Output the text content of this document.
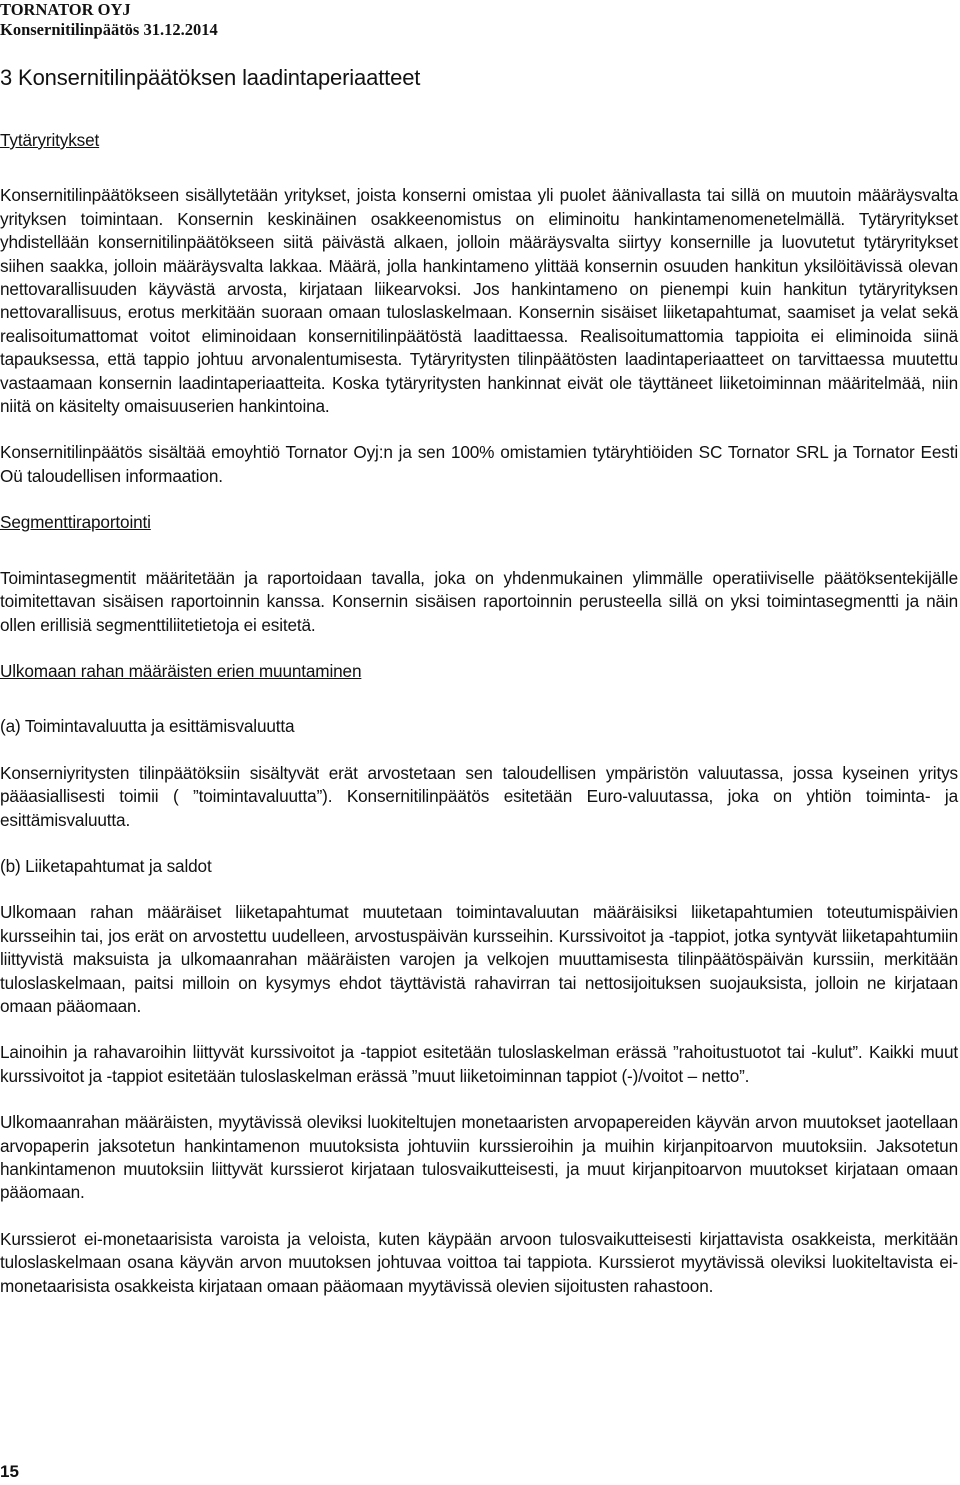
TORNATOR OYJ
Konsernitilinpäätös 31.12.2014
3 Konsernitilinpäätöksen laadintaperiaatteet
Tytäryritykset

Konsernitilinpäätökseen sisällytetään yritykset, joista konserni omistaa yli puolet äänivallasta tai sillä on muutoin määräysvalta yrityksen toimintaan. Konsernin keskinäinen osakkeenomistus on eliminoitu hankintamenomenetelmällä. Tytäryritykset yhdistellään konsernitilinpäätökseen siitä päivästä alkaen, jolloin määräysvalta siirtyy konsernille ja luovutetut tytäryritykset siihen saakka, jolloin määräysvalta lakkaa. Määrä, jolla hankintameno ylittää konsernin osuuden hankitun yksilöitävissä olevan nettovarallisuuden käyvästä arvosta, kirjataan liikearvoksi. Jos hankintameno on pienempi kuin hankitun tytäryrityksen nettovarallisuus, erotus merkitään suoraan omaan tuloslaskelmaan. Konsernin sisäiset liiketapahtumat, saamiset ja velat sekä realisoitumattomat voitot eliminoidaan konsernitilinpäätöstä laadittaessa. Realisoitumattomia tappioita ei eliminoida siinä tapauksessa, että tappio johtuu arvonalentumisesta. Tytäryritysten tilinpäätösten laadintaperiaatteet on tarvittaessa muutettu vastaamaan konsernin laadintaperiaatteita. Koska tytäryritysten hankinnat eivät ole täyttäneet liiketoiminnan määritelmää, niin niitä on käsitelty omaisuuserien hankintoina.

Konsernitilinpäätös sisältää emoyhtiö Tornator Oyj:n ja sen 100% omistamien tytäryhtiöiden SC Tornator SRL ja Tornator Eesti Oü taloudellisen informaation.

Segmenttiraportointi

Toimintasegmentit määritetään ja raportoidaan tavalla, joka on yhdenmukainen ylimmälle operatiiviselle päätöksentekijälle toimitettavan sisäisen raportoinnin kanssa. Konsernin sisäisen raportoinnin perusteella sillä on yksi toimintasegmentti ja näin ollen erillisiä segmenttiliitetietoja ei esitetä.

Ulkomaan rahan määräisten erien muuntaminen
(a) Toimintavaluutta ja esittämisvaluutta

Konserniyritysten tilinpäätöksiin sisältyvät erät arvostetaan sen taloudellisen ympäristön valuutassa, jossa kyseinen yritys pääasiallisesti toimii ( ”toimintavaluutta”). Konsernitilinpäätös esitetään Euro-valuutassa, joka on yhtiön toiminta- ja esittämisvaluutta.

(b) Liiketapahtumat ja saldot

Ulkomaan rahan määräiset liiketapahtumat muutetaan toimintavaluutan määräisiksi liiketapahtumien toteutumispäivien kursseihin tai, jos erät on arvostettu uudelleen, arvostuspäivän kursseihin. Kurssivoitot ja -tappiot, jotka syntyvät liiketapahtumiin liittyvistä maksuista ja ulkomaanrahan määräisten varojen ja velkojen muuttamisesta tilinpäätöspäivän kurssiin, merkitään tuloslaskelmaan, paitsi milloin on kysymys ehdot täyttävistä rahavirran tai nettosijoituksen suojauksista, jolloin ne kirjataan omaan pääomaan.

Lainoihin ja rahavaroihin liittyvät kurssivoitot ja -tappiot esitetään tuloslaskelman erässä ”rahoitustuotot tai -kulut”. Kaikki muut kurssivoitot ja -tappiot esitetään tuloslaskelman erässä ”muut liiketoiminnan tappiot (-)/voitot – netto”.

Ulkomaanrahan määräisten, myytävissä oleviksi luokiteltujen monetaaristen arvopapereiden käyvän arvon muutokset jaotellaan arvopaperin jaksotetun hankintamenon muutoksista johtuviin kurssieroihin ja muihin kirjanpitoarvon muutoksiin. Jaksotetun hankintamenon muutoksiin liittyvät kurssierot kirjataan tulosvaikutteisesti, ja muut kirjanpitoarvon muutokset kirjataan omaan pääomaan.

Kurssierot ei-monetaarisista varoista ja veloista, kuten käypään arvoon tulosvaikutteisesti kirjattavista osakkeista, merkitään tuloslaskelmaan osana käyvän arvon muutoksen johtuvaa voittoa tai tappiota. Kurssierot myytävissä oleviksi luokiteltavista ei-monetaarisista osakkeista kirjataan omaan pääomaan myytävissä olevien sijoitusten rahastoon.

15
